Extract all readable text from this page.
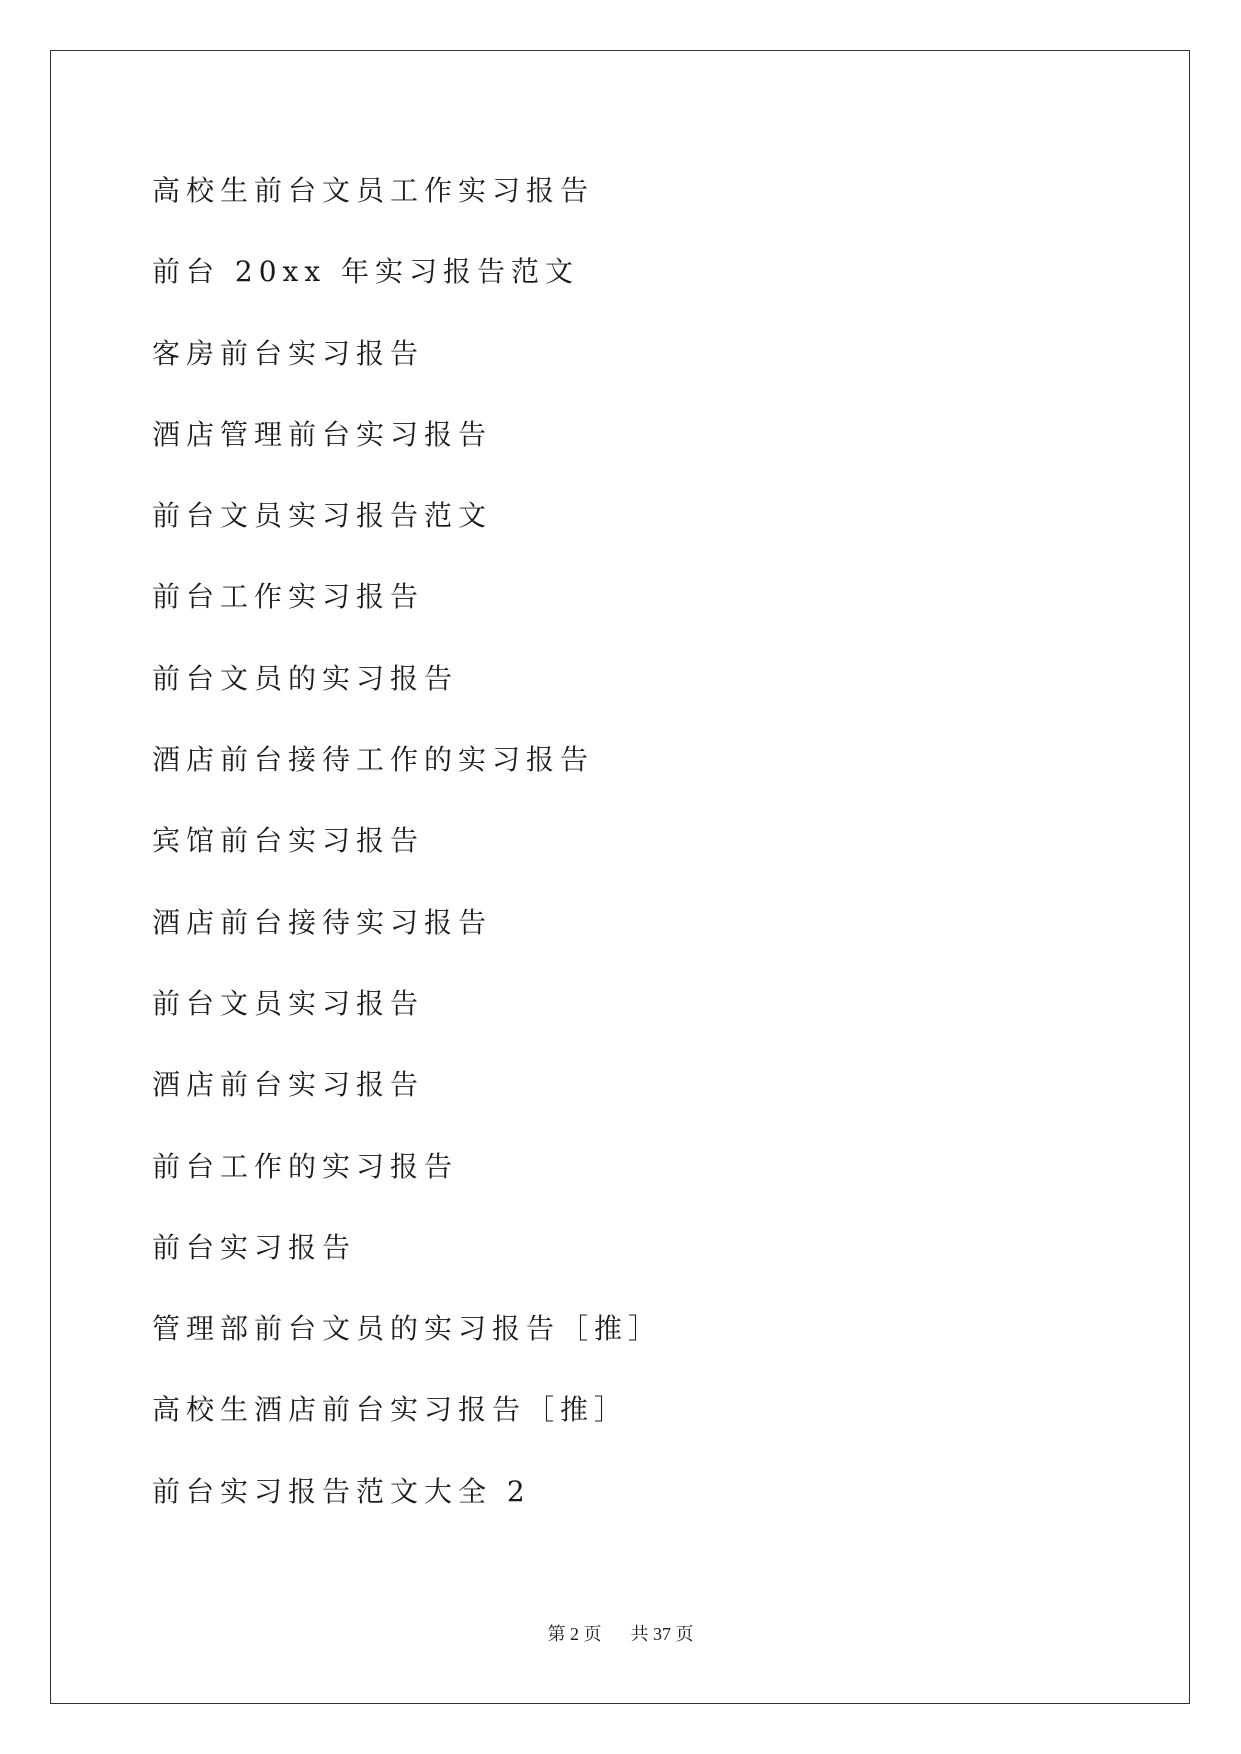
高校生前台文员工作实习报告
前台 20xx 年实习报告范文
客房前台实习报告
酒店管理前台实习报告
前台文员实习报告范文
前台工作实习报告
前台文员的实习报告
酒店前台接待工作的实习报告
宾馆前台实习报告
酒店前台接待实习报告
前台文员实习报告
酒店前台实习报告
前台工作的实习报告
前台实习报告
管理部前台文员的实习报告［推］
高校生酒店前台实习报告［推］
前台实习报告范文大全 2
第 2 页 共 37 页
